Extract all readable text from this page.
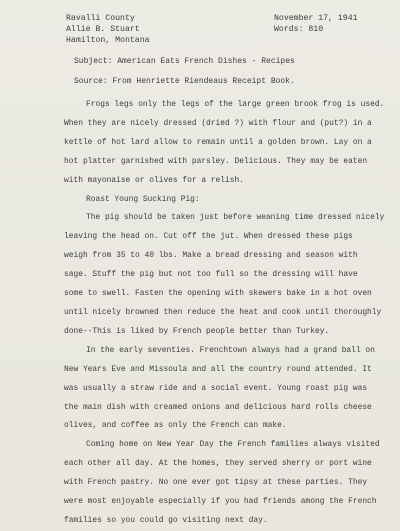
Ravalli County
Allie B. Stuart
Hamilton, Montana
November 17, 1941
Words: 810
Subject: American Eats French Dishes - Recipes
Source: From Henriette Riendeaus Receipt Book.
Frogs legs only the legs of the large green brook frog is used.
When they are nicely dressed (dried ?) with flour and (put?) in a
kettle of hot lard allow to remain until a golden brown. Lay on a
hot platter garnished with parsley. Delicious. They may be eaten
with mayonaise or olives for a relish.
Roast Young Sucking Pig:
The pig should be taken just before weaning time dressed nicely
leaving the head on. Cut off the jut. When dressed these pigs
weigh from 35 to 40 lbs. Make a bread dressing and season with
sage. Stuff the pig but not too full so the dressing will have
some to swell. Fasten the opening with skewers bake in a hot oven
until nicely browned then reduce the heat and cook until thoroughly
done--This is liked by French people better than Turkey.
In the early seventies. Frenchtown always had a grand ball on
New Years Eve and Missoula and all the country round attended. It
was usually a straw ride and a social event. Young roast pig was
the main dish with creamed onions and delicious hard rolls cheese
olives, and coffee as only the French can make.
Coming home on New Year Day the French families always visited
each other all day. At the homes, they served sherry or port wine
with French pastry. No one ever got tipsy at these parties. They
were most enjoyable especially if you had friends among the French
families so you could go visiting next day.
